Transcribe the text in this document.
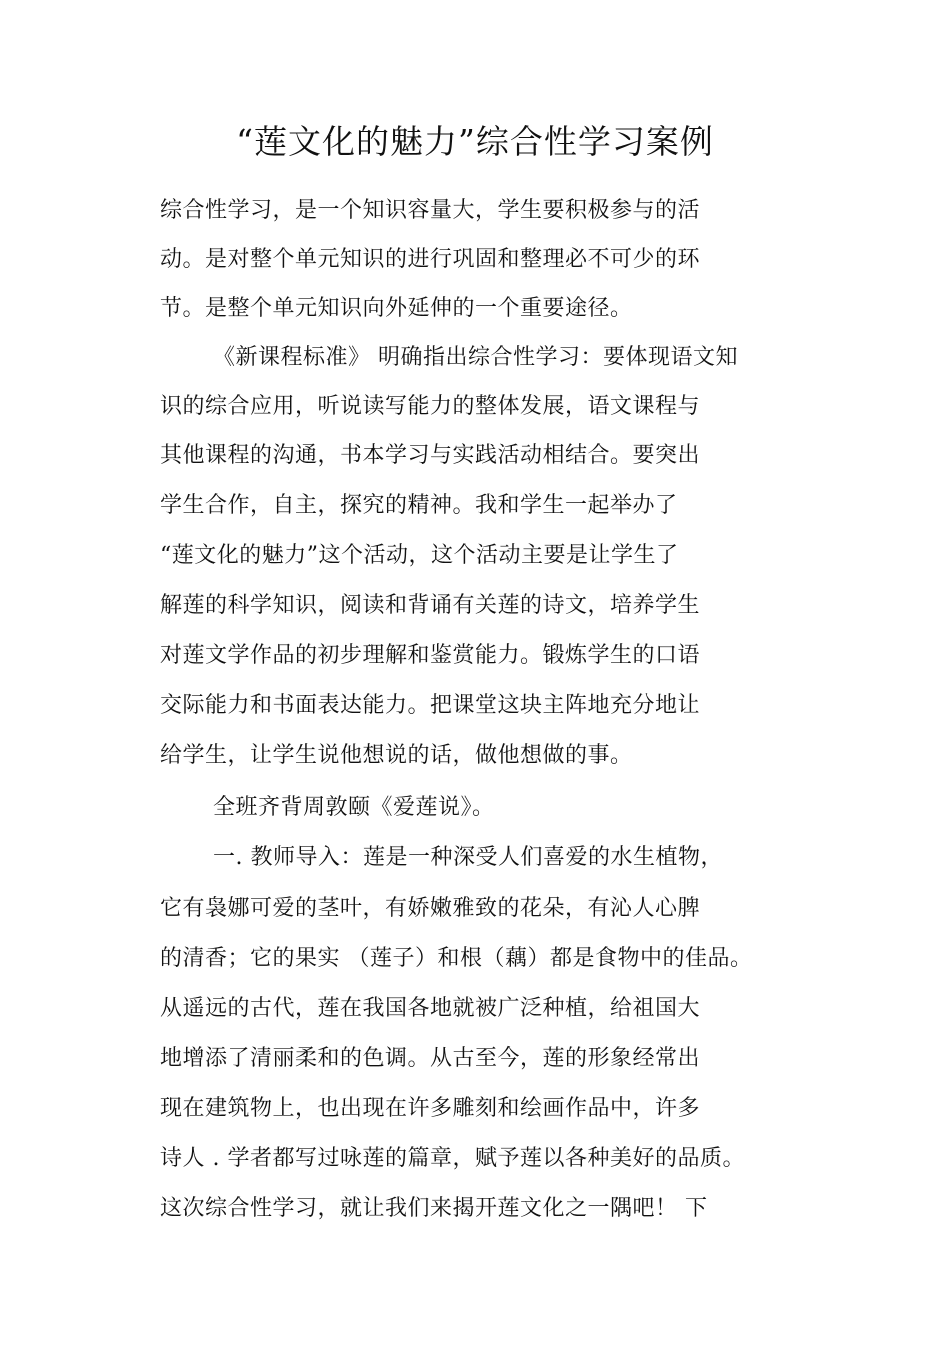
“莲文化的魅力”综合性学习案例
综合性学习，是一个知识容量大，学生要积极参与的活
动。是对整个单元知识的进行巩固和整理必不可少的环
节。是整个单元知识向外延伸的一个重要途径。
《新课程标准》 明确指出综合性学习：要体现语文知
识的综合应用，听说读写能力的整体发展，语文课程与
其他课程的沟通，书本学习与实践活动相结合。要突出
学生合作，自主，探究的精神。我和学生一起举办了
“莲文化的魅力”这个活动，这个活动主要是让学生了
解莲的科学知识，阅读和背诵有关莲的诗文，培养学生
对莲文学作品的初步理解和鉴赏能力。锻炼学生的口语
交际能力和书面表达能力。把课堂这块主阵地充分地让
给学生，让学生说他想说的话，做他想做的事。
全班齐背周敦颐《爱莲说》。
一. 教师导入：莲是一种深受人们喜爱的水生植物，
它有袅娜可爱的茎叶，有娇嫩雅致的花朵，有沁人心脾
的清香；它的果实 （莲子）和根（藕）都是食物中的佳品。
从遥远的古代，莲在我国各地就被广泛种植，给祖国大
地增添了清丽柔和的色调。从古至今，莲的形象经常出
现在建筑物上，也出现在许多雕刻和绘画作品中，许多
诗人 . 学者都写过咏莲的篇章，赋予莲以各种美好的品质。
这次综合性学习，就让我们来揭开莲文化之一隅吧！ 下
